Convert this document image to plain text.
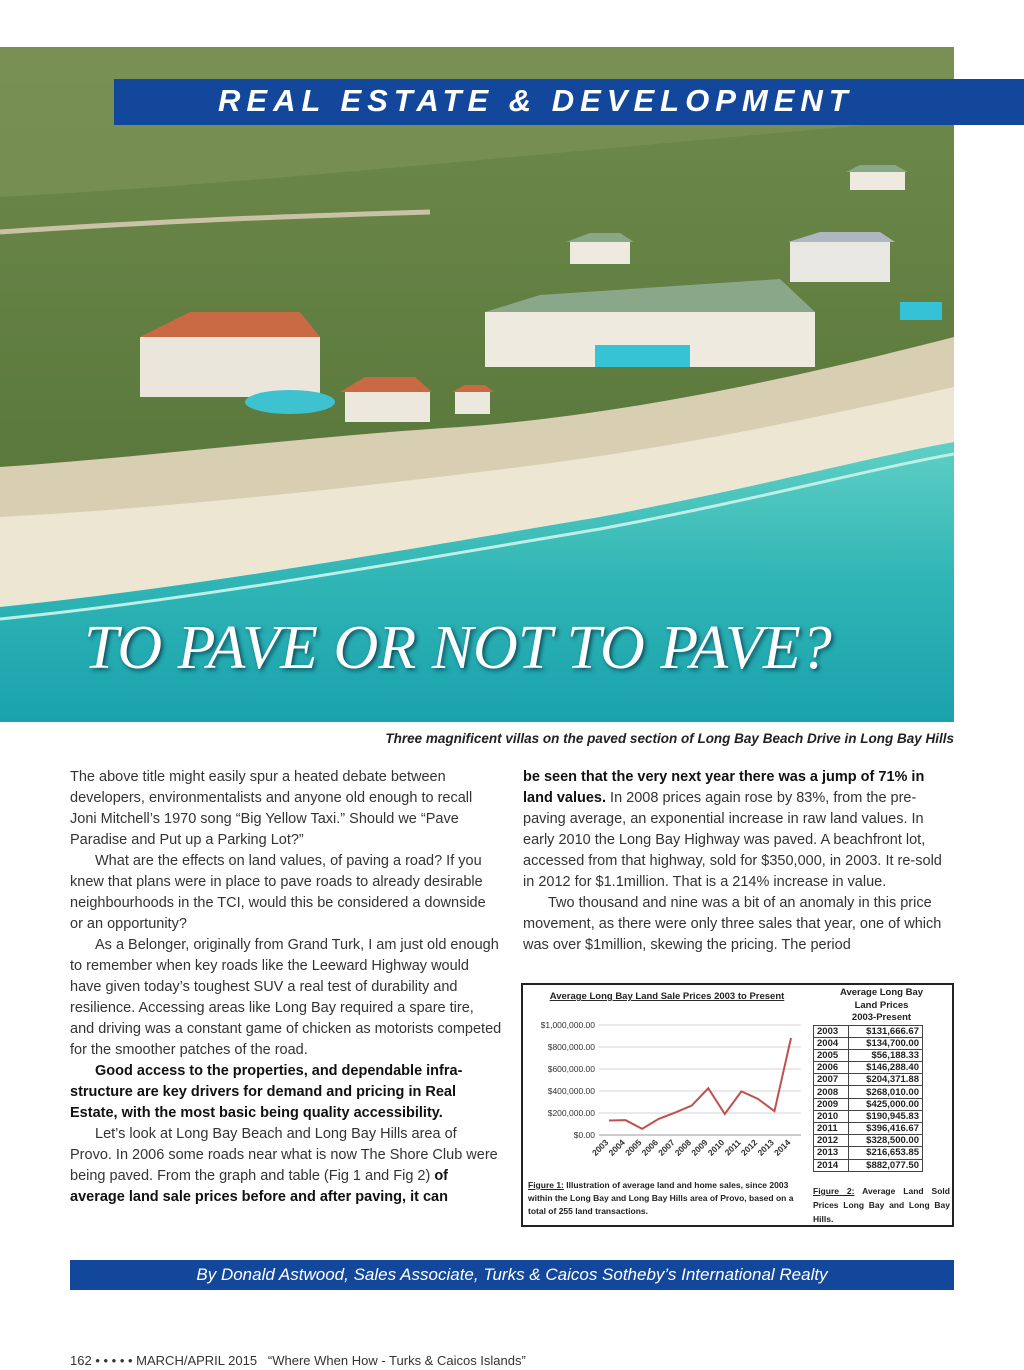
REAL ESTATE & DEVELOPMENT
TO PAVE OR NOT TO PAVE?
Three magnificent villas on the paved section of Long Bay Beach Drive in Long Bay Hills

The above title might easily spur a heated debate between developers, environmentalists and anyone old enough to recall Joni Mitchell’s 1970 song “Big Yellow Taxi.” Should we “Pave Paradise and Put up a Parking Lot?”

What are the effects on land values, of paving a road? If you knew that plans were in place to pave roads to already desirable neighbourhoods in the TCI, would this be considered a downside or an opportunity?

As a Belonger, originally from Grand Turk, I am just old enough to remember when key roads like the Leeward Highway would have given today’s toughest SUV a real test of durability and resilience. Accessing areas like Long Bay required a spare tire, and driving was a constant game of chicken as motorists competed for the smoother patches of the road.

Good access to the properties, and dependable infra-structure are key drivers for demand and pricing in Real Estate, with the most basic being quality accessibility.

Let’s look at Long Bay Beach and Long Bay Hills area of Provo. In 2006 some roads near what is now The Shore Club were being paved. From the graph and table (Fig 1 and Fig 2) of average land sale prices before and after paving, it can

be seen that the very next year there was a jump of 71% in land values. In 2008 prices again rose by 83%, from the pre-paving average, an exponential increase in raw land values. In early 2010 the Long Bay Highway was paved. A beachfront lot, accessed from that highway, sold for $350,000, in 2003. It re-sold in 2012 for $1.1million. That is a 214% increase in value.

Two thousand and nine was a bit of an anomaly in this price movement, as there were only three sales that year, one of which was over $1million, skewing the pricing. The period

Average Long Bay Land Sale Prices 2003 to Present
$1,000,000.00
$800,000.00
$600,000.00
$400,000.00
$200,000.00
$0.00
2003
2004
2005
2006
2007
2008
2009
2010
2011
2012
2013
2014
Figure 1: Illustration of average land and home sales, since 2003 within the Long Bay and Long Bay Hills area of Provo, based on a total of 255 land transactions.
Average Long Bay
Land Prices
2003-Present
2003	$131,666.67
2004	$134,700.00
2005	$56,188.33
2006	$146,288.40
2007	$204,371.88
2008	$268,010.00
2009	$425,000.00
2010	$190,945.83
2011	$396,416.67
2012	$328,500.00
2013	$216,653.85
2014	$882,077.50
Figure 2: Average Land Sold Prices Long Bay and Long Bay Hills.
By Donald Astwood, Sales Associate, Turks & Caicos Sotheby’s International Realty
162 • • • • • MARCH/APRIL 2015 “Where When How - Turks & Caicos Islands”
